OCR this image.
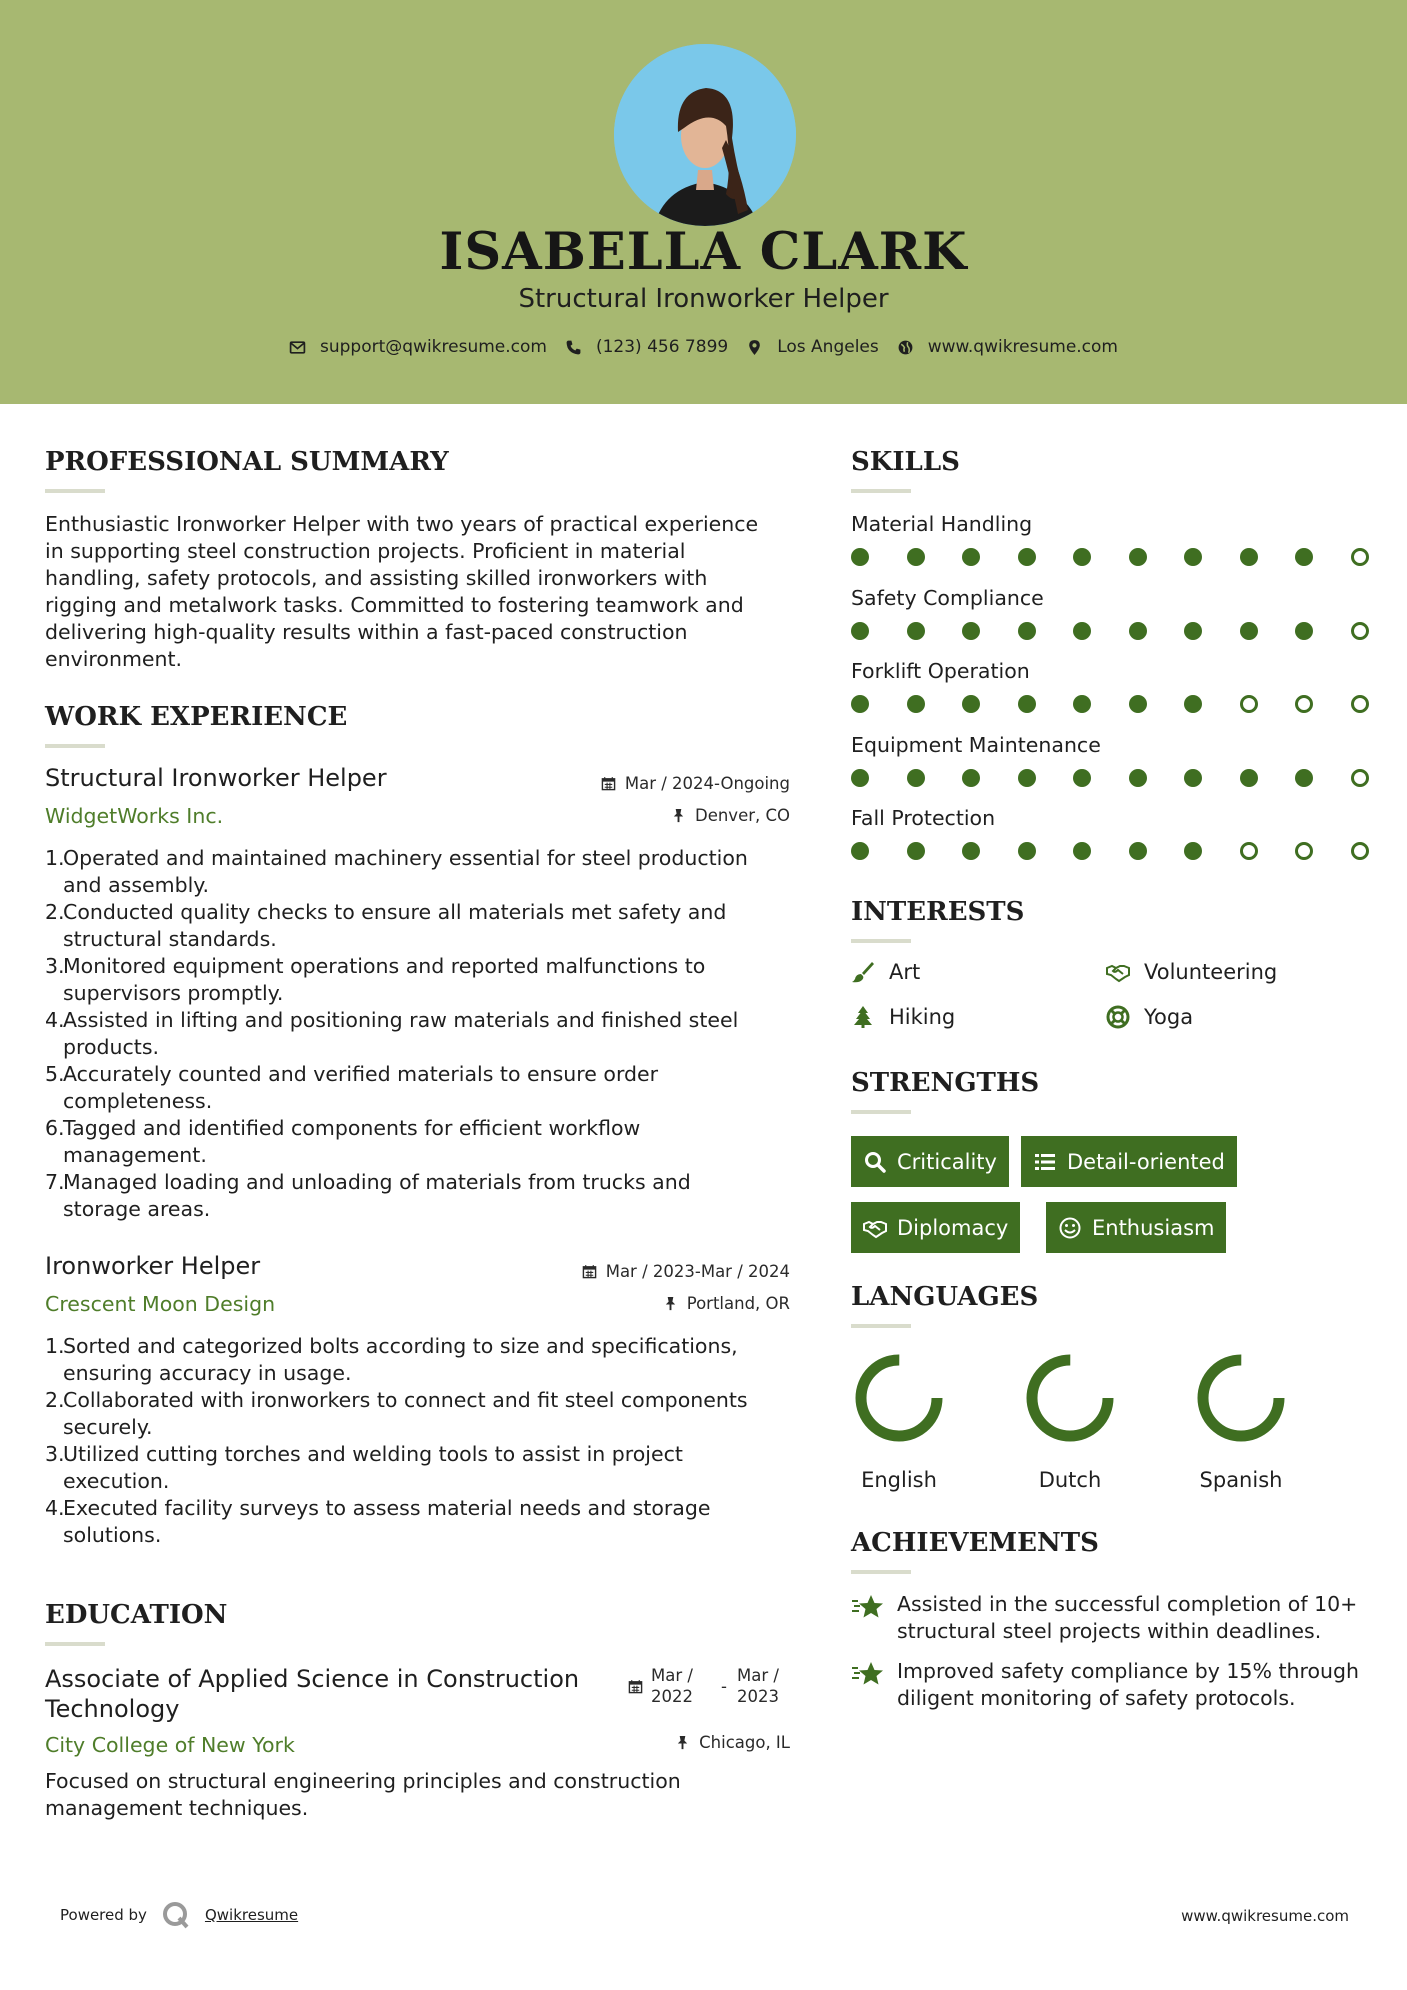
ISABELLA CLARK
Structural Ironworker Helper
support@qwikresume.com	(123) 456 7899	Los Angeles	www.qwikresume.com
PROFESSIONAL SUMMARY
Enthusiastic Ironworker Helper with two years of practical experience
in supporting steel construction projects. Proficient in material
handling, safety protocols, and assisting skilled ironworkers with
rigging and metalwork tasks. Committed to fostering teamwork and
delivering high-quality results within a fast-paced construction
environment.
WORK EXPERIENCE
Structural Ironworker Helper
WidgetWorks Inc.
Mar / 2024-Ongoing
Denver, CO
1.
Operated and maintained machinery essential for steel production
and assembly.
2.
Conducted quality checks to ensure all materials met safety and
structural standards.
3.
Monitored equipment operations and reported malfunctions to
supervisors promptly.
4.
Assisted in lifting and positioning raw materials and finished steel
products.
5.
Accurately counted and verified materials to ensure order
completeness.
6.
Tagged and identified components for efficient workflow
management.
7.
Managed loading and unloading of materials from trucks and
storage areas.
Ironworker Helper
Crescent Moon Design
Mar / 2023-Mar / 2024
Portland, OR
1.
Sorted and categorized bolts according to size and specifications,
ensuring accuracy in usage.
2.
Collaborated with ironworkers to connect and fit steel components
securely.
3.
Utilized cutting torches and welding tools to assist in project
execution.
4.
Executed facility surveys to assess material needs and storage
solutions.
EDUCATION
Associate of Applied Science in Construction
Technology
City College of New York
Mar /
2022
-
Mar /
2023
Chicago, IL
Focused on structural engineering principles and construction
management techniques.
SKILLS
Material Handling
Safety Compliance
Forklift Operation
Equipment Maintenance
Fall Protection
INTERESTS
Art	Volunteering
Hiking	Yoga
STRENGTHS
Criticality	Detail-oriented
Diplomacy	Enthusiasm
LANGUAGES
English	Dutch	Spanish
ACHIEVEMENTS
Assisted in the successful completion of 10+
structural steel projects within deadlines.
Improved safety compliance by 15% through
diligent monitoring of safety protocols.
Powered by	Qwikresume	www.qwikresume.com
